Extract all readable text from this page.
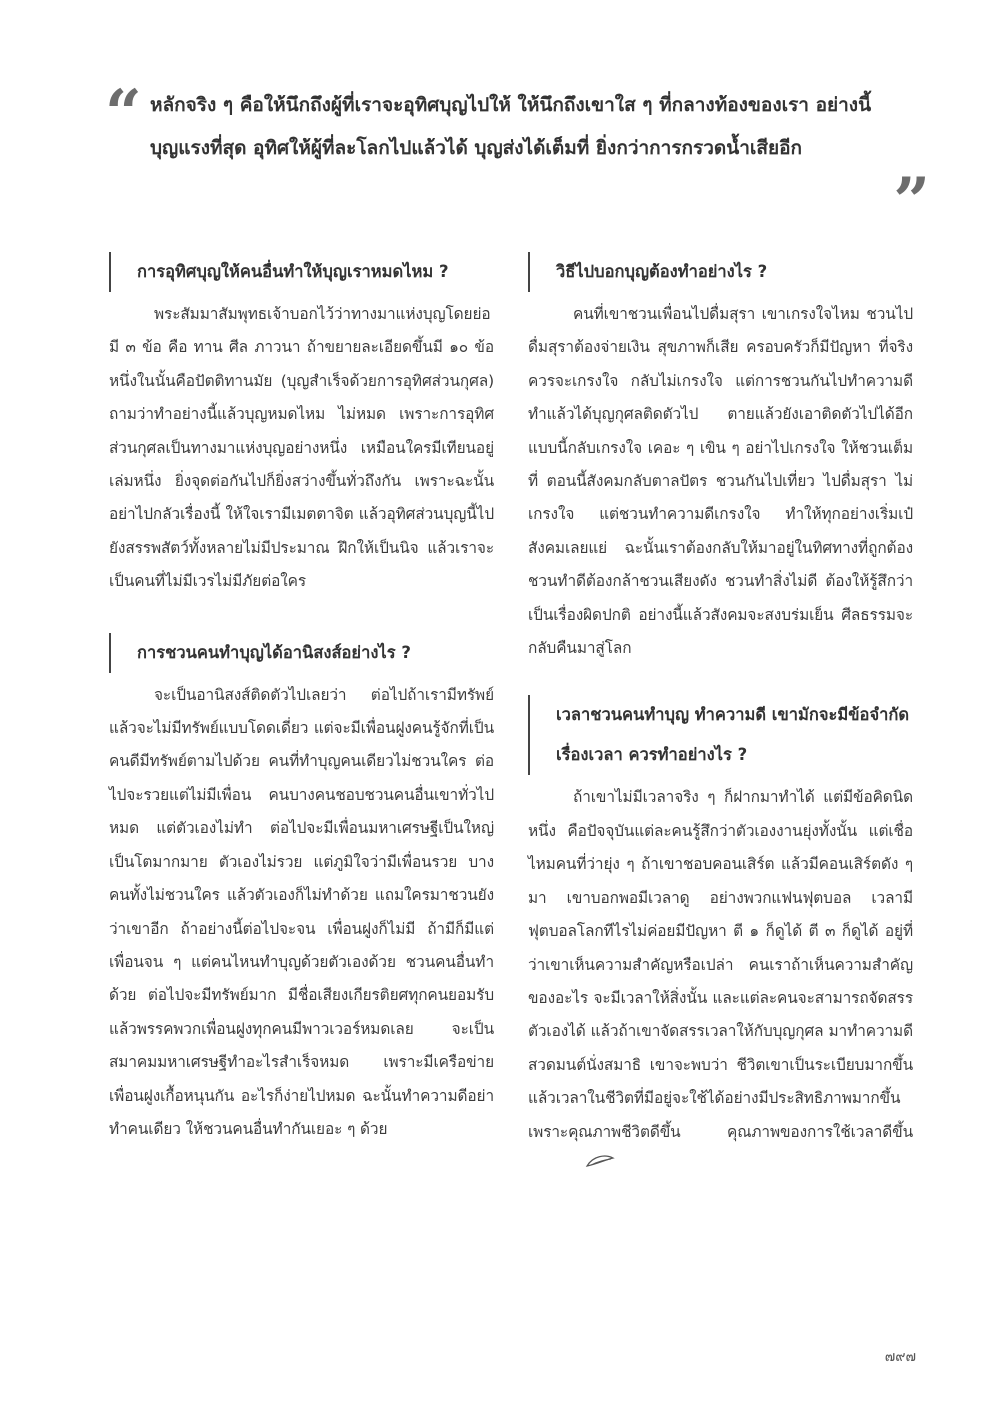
“ หลักจริง ๆ คือให้นึกถึงผู้ที่เราจะอุทิศบุญไปให้ ให้นึกถึงเขาใส ๆ ที่กลางท้องของเรา อย่างนี้บุญแรงที่สุด อุทิศให้ผู้ที่ละโลกไปแล้วได้ บุญส่งได้เต็มที่ ยิ่งกว่าการกรวดน้ำเสียอีก

”
การอุทิศบุญให้คนอื่นทำให้บุญเราหมดไหม ?

พระสัมมาสัมพุทธเจ้าบอกไว้ว่าทางมาแห่งบุญโดยย่อมี ๓ ข้อ คือ ทาน ศีล ภาวนา ถ้าขยายละเอียดขึ้นมี ๑๐ ข้อ หนึ่งในนั้นคือปัตติทานมัย (บุญสำเร็จด้วยการอุทิศส่วนกุศล) ถามว่าทำอย่างนี้แล้วบุญหมดไหม ไม่หมด เพราะการอุทิศส่วนกุศลเป็นทางมาแห่งบุญอย่างหนึ่ง เหมือนใครมีเทียนอยู่เล่มหนึ่ง ยิ่งจุดต่อกันไปก็ยิ่งสว่างขึ้นทั่วถึงกัน เพราะฉะนั้นอย่าไปกลัวเรื่องนี้ ให้ใจเรามีเมตตาจิต แล้วอุทิศส่วนบุญนี้ไปยังสรรพสัตว์ทั้งหลายไม่มีประมาณ ฝึกให้เป็นนิจ แล้วเราจะเป็นคนที่ไม่มีเวรไม่มีภัยต่อใคร

การชวนคนทำบุญได้อานิสงส์อย่างไร ?

จะเป็นอานิสงส์ติดตัวไปเลยว่า ต่อไปถ้าเรามีทรัพย์แล้วจะไม่มีทรัพย์แบบโดดเดี่ยว แต่จะมีเพื่อนฝูงคนรู้จักที่เป็นคนดีมีทรัพย์ตามไปด้วย คนที่ทำบุญคนเดียวไม่ชวนใคร ต่อไปจะรวยแต่ไม่มีเพื่อน คนบางคนชอบชวนคนอื่นเขาทั่วไปหมด แต่ตัวเองไม่ทำ ต่อไปจะมีเพื่อนมหาเศรษฐีเป็นใหญ่เป็นโตมากมาย ตัวเองไม่รวย แต่ภูมิใจว่ามีเพื่อนรวย บางคนทั้งไม่ชวนใคร แล้วตัวเองก็ไม่ทำด้วย แถมใครมาชวนยังว่าเขาอีก ถ้าอย่างนี้ต่อไปจะจน เพื่อนฝูงก็ไม่มี ถ้ามีก็มีแต่เพื่อนจน ๆ แต่คนไหนทำบุญด้วยตัวเองด้วย ชวนคนอื่นทำด้วย ต่อไปจะมีทรัพย์มาก มีชื่อเสียงเกียรติยศทุกคนยอมรับ แล้วพรรคพวกเพื่อนฝูงทุกคนมีพาวเวอร์หมดเลย จะเป็นสมาคมมหาเศรษฐีทำอะไรสำเร็จหมด เพราะมีเครือข่ายเพื่อนฝูงเกื้อหนุนกัน อะไรก็ง่ายไปหมด ฉะนั้นทำความดีอย่าทำคนเดียว ให้ชวนคนอื่นทำกันเยอะ ๆ ด้วย

วิธีไปบอกบุญต้องทำอย่างไร ?

คนที่เขาชวนเพื่อนไปดื่มสุรา เขาเกรงใจไหม ชวนไปดื่มสุราต้องจ่ายเงิน สุขภาพก็เสีย ครอบครัวก็มีปัญหา ที่จริงควรจะเกรงใจ กลับไม่เกรงใจ แต่การชวนกันไปทำความดี ทำแล้วได้บุญกุศลติดตัวไป ตายแล้วยังเอาติดตัวไปได้อีก แบบนี้กลับเกรงใจ เคอะ ๆ เขิน ๆ อย่าไปเกรงใจ ให้ชวนเต็มที่ ตอนนี้สังคมกลับตาลปัตร ชวนกันไปเที่ยว ไปดื่มสุรา ไม่เกรงใจ แต่ชวนทำความดีเกรงใจ ทำให้ทุกอย่างเริ่มเป๋ สังคมเลยแย่ ฉะนั้นเราต้องกลับให้มาอยู่ในทิศทางที่ถูกต้อง ชวนทำดีต้องกล้าชวนเสียงดัง ชวนทำสิ่งไม่ดี ต้องให้รู้สึกว่าเป็นเรื่องผิดปกติ อย่างนี้แล้วสังคมจะสงบร่มเย็น ศีลธรรมจะกลับคืนมาสู่โลก

เวลาชวนคนทำบุญ ทำความดี เขามักจะมีข้อจำกัดเรื่องเวลา ควรทำอย่างไร ?

ถ้าเขาไม่มีเวลาจริง ๆ ก็ฝากมาทำได้ แต่มีข้อคิดนิดหนึ่ง คือปัจจุบันแต่ละคนรู้สึกว่าตัวเองงานยุ่งทั้งนั้น แต่เชื่อไหมคนที่ว่ายุ่ง ๆ ถ้าเขาชอบคอนเสิร์ต แล้วมีคอนเสิร์ตดัง ๆ มา เขาบอกพอมีเวลาดู อย่างพวกแฟนฟุตบอล เวลามีฟุตบอลโลกทีไรไม่ค่อยมีปัญหา ตี ๑ ก็ดูได้ ตี ๓ ก็ดูได้ อยู่ที่ว่าเขาเห็นความสำคัญหรือเปล่า คนเราถ้าเห็นความสำคัญของอะไร จะมีเวลาให้สิ่งนั้น และแต่ละคนจะสามารถจัดสรรตัวเองได้ แล้วถ้าเขาจัดสรรเวลาให้กับบุญกุศล มาทำความดี สวดมนต์นั่งสมาธิ เขาจะพบว่า ชีวิตเขาเป็นระเบียบมากขึ้น แล้วเวลาในชีวิตที่มีอยู่จะใช้ได้อย่างมีประสิทธิภาพมากขึ้น เพราะคุณภาพชีวิตดีขึ้น คุณภาพของการใช้เวลาดีขึ้น

๗๙๗
